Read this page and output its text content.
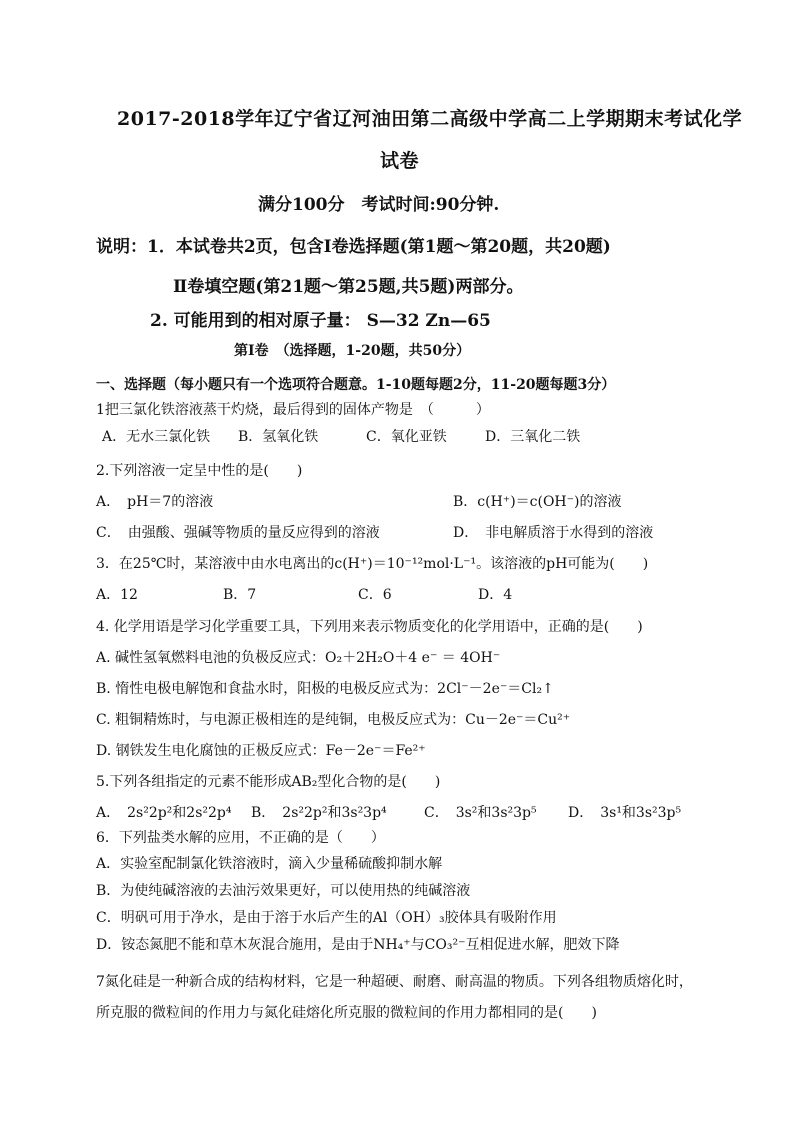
2017-2018学年辽宁省辽河油田第二高级中学高二上学期期末考试化学
试卷
满分100分　考试时间:90分钟.
说明：1．本试卷共2页，包含Ⅰ卷选择题(第1题～第20题，共20题)
Ⅱ卷填空题(第21题～第25题,共5题)两部分。
2. 可能用到的相对原子量： S—32 Zn—65
第Ⅰ卷　（选择题，1-20题，共50分）
一、选择题（每小题只有一个选项符合题意。1-10题每题2分，11-20题每题3分）
1把三氯化铁溶液蒸干灼烧，最后得到的固体产物是　（　　　）
A．无水三氯化铁 B．氢氧化铁	C．氧化亚铁	D．三氧化二铁
2.下列溶液一定呈中性的是(　　)
A．　pH＝7的溶液	B．c(H⁺)＝c(OH⁻)的溶液
C．　由强酸、强碱等物质的量反应得到的溶液	D．　非电解质溶于水得到的溶液
3．在25℃时，某溶液中由水电离出的c(H⁺)＝10⁻¹²mol·L⁻¹。该溶液的pH可能为(　　)
A．12	B．7	C．6	D．4
4. 化学用语是学习化学重要工具，下列用来表示物质变化的化学用语中，正确的是(　　)
A. 碱性氢氧燃料电池的负极反应式：O₂＋2H₂O＋4 e⁻ ＝ 4OH⁻
B. 惰性电极电解饱和食盐水时，阳极的电极反应式为：2Cl⁻－2e⁻＝Cl₂↑
C. 粗铜精炼时，与电源正极相连的是纯铜，电极反应式为：Cu－2e⁻＝Cu²⁺
D. 钢铁发生电化腐蚀的正极反应式：Fe－2e⁻＝Fe²⁺
5.下列各组指定的元素不能形成AB₂型化合物的是(　　)
A．　2s²2p²和2s²2p⁴ B．　2s²2p²和3s²3p⁴	C．　3s²和3s²3p⁵ D．　3s¹和3s²3p⁵
6．下列盐类水解的应用，不正确的是（　　）
A．实验室配制氯化铁溶液时，滴入少量稀硫酸抑制水解
B．为使纯碱溶液的去油污效果更好，可以使用热的纯碱溶液
C．明矾可用于净水，是由于溶于水后产生的Al（OH）₃胶体具有吸附作用
D．铵态氮肥不能和草木灰混合施用，是由于NH₄⁺与CO₃²⁻互相促进水解，肥效下降
7氮化硅是一种新合成的结构材料，它是一种超硬、耐磨、耐高温的物质。下列各组物质熔化时，
所克服的微粒间的作用力与氮化硅熔化所克服的微粒间的作用力都相同的是(　　)
